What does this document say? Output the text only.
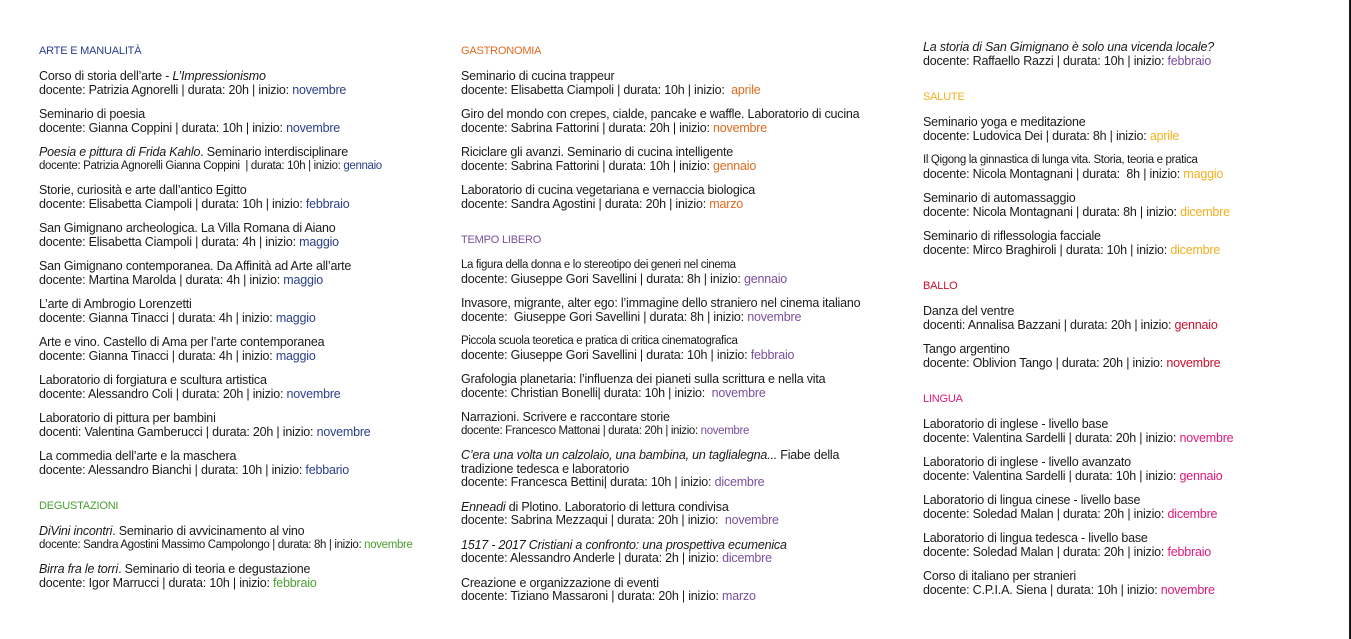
ARTE E MANUALITÀ
Corso di storia dell’arte - L’Impressionismo
docente: Patrizia Agnorelli | durata: 20h | inizio: novembre
Seminario di poesia
docente: Gianna Coppini | durata: 10h | inizio: novembre
Poesia e pittura di Frida Kahlo. Seminario interdisciplinare
docente: Patrizia Agnorelli Gianna Coppini  | durata: 10h | inizio: gennaio
Storie, curiosità e arte dall’antico Egitto
docente: Elisabetta Ciampoli | durata: 10h | inizio: febbraio
San Gimignano archeologica. La Villa Romana di Aiano
docente: Elisabetta Ciampoli | durata: 4h | inizio: maggio
San Gimignano contemporanea. Da Affinità ad Arte all’arte
docente: Martina Marolda | durata: 4h | inizio: maggio
L’arte di Ambrogio Lorenzetti
docente: Gianna Tinacci | durata: 4h | inizio: maggio
Arte e vino. Castello di Ama per l’arte contemporanea
docente: Gianna Tinacci | durata: 4h | inizio: maggio
Laboratorio di forgiatura e scultura artistica
docente: Alessandro Coli | durata: 20h | inizio: novembre
Laboratorio di pittura per bambini
docenti: Valentina Gamberucci | durata: 20h | inizio: novembre
La commedia dell’arte e la maschera
docente: Alessandro Bianchi | durata: 10h | inizio: febbario
DEGUSTAZIONI
DiVini incontri. Seminario di avvicinamento al vino
docente: Sandra Agostini Massimo Campolongo | durata: 8h | inizio: novembre
Birra fra le torri. Seminario di teoria e degustazione
docente: Igor Marrucci | durata: 10h | inizio: febbraio
GASTRONOMIA
Seminario di cucina trappeur
docente: Elisabetta Ciampoli | durata: 10h | inizio:  aprile
Giro del mondo con crepes, cialde, pancake e waffle. Laboratorio di cucina
docente: Sabrina Fattorini | durata: 20h | inizio: novembre
Riciclare gli avanzi. Seminario di cucina intelligente
docente: Sabrina Fattorini | durata: 10h | inizio: gennaio
Laboratorio di cucina vegetariana e vernaccia biologica
docente: Sandra Agostini | durata: 20h | inizio: marzo
TEMPO LIBERO
La figura della donna e lo stereotipo dei generi nel cinema
docente: Giuseppe Gori Savellini | durata: 8h | inizio: gennaio
Invasore, migrante, alter ego: l’immagine dello straniero nel cinema italiano
docente:  Giuseppe Gori Savellini | durata: 8h | inizio: novembre
Piccola scuola teoretica e pratica di critica cinematografica
docente: Giuseppe Gori Savellini | durata: 10h | inizio: febbraio
Grafologia planetaria: l’influenza dei pianeti sulla scrittura e nella vita
docente: Christian Bonelli| durata: 10h | inizio:  novembre
Narrazioni. Scrivere e raccontare storie
docente: Francesco Mattonai | durata: 20h | inizio: novembre
C’era una volta un calzolaio, una bambina, un taglialegna... Fiabe della tradizione tedesca e laboratorio
docente: Francesca Bettini| durata: 10h | inizio: dicembre
Enneadi di Plotino. Laboratorio di lettura condivisa
docente: Sabrina Mezzaqui | durata: 20h | inizio:  novembre
1517 - 2017 Cristiani a confronto: una prospettiva ecumenica
docente: Alessandro Anderle | durata: 2h | inizio: dicembre
Creazione e organizzazione di eventi
docente: Tiziano Massaroni | durata: 20h | inizio: marzo
La storia di San Gimignano è solo una vicenda locale?
docente: Raffaello Razzi | durata: 10h | inizio: febbraio
SALUTE
Seminario yoga e meditazione
docente: Ludovica Dei | durata: 8h | inizio: aprile
Il Qigong la ginnastica di lunga vita. Storia, teoria e pratica
docente: Nicola Montagnani | durata:  8h | inizio: maggio
Seminario di automassaggio
docente: Nicola Montagnani | durata: 8h | inizio: dicembre
Seminario di riflessologia facciale
docente: Mirco Braghiroli | durata: 10h | inizio: dicembre
BALLO
Danza del ventre
docenti: Annalisa Bazzani | durata: 20h | inizio: gennaio
Tango argentino
docente: Oblivion Tango | durata: 20h | inizio: novembre
LINGUA
Laboratorio di inglese - livello base
docente: Valentina Sardelli | durata: 20h | inizio: novembre
Laboratorio di inglese - livello avanzato
docente: Valentina Sardelli | durata: 10h | inizio: gennaio
Laboratorio di lingua cinese - livello base
docente: Soledad Malan | durata: 20h | inizio: dicembre
Laboratorio di lingua tedesca - livello base
docente: Soledad Malan | durata: 20h | inizio: febbraio
Corso di italiano per stranieri
docente: C.P.I.A. Siena | durata: 10h | inizio: novembre
